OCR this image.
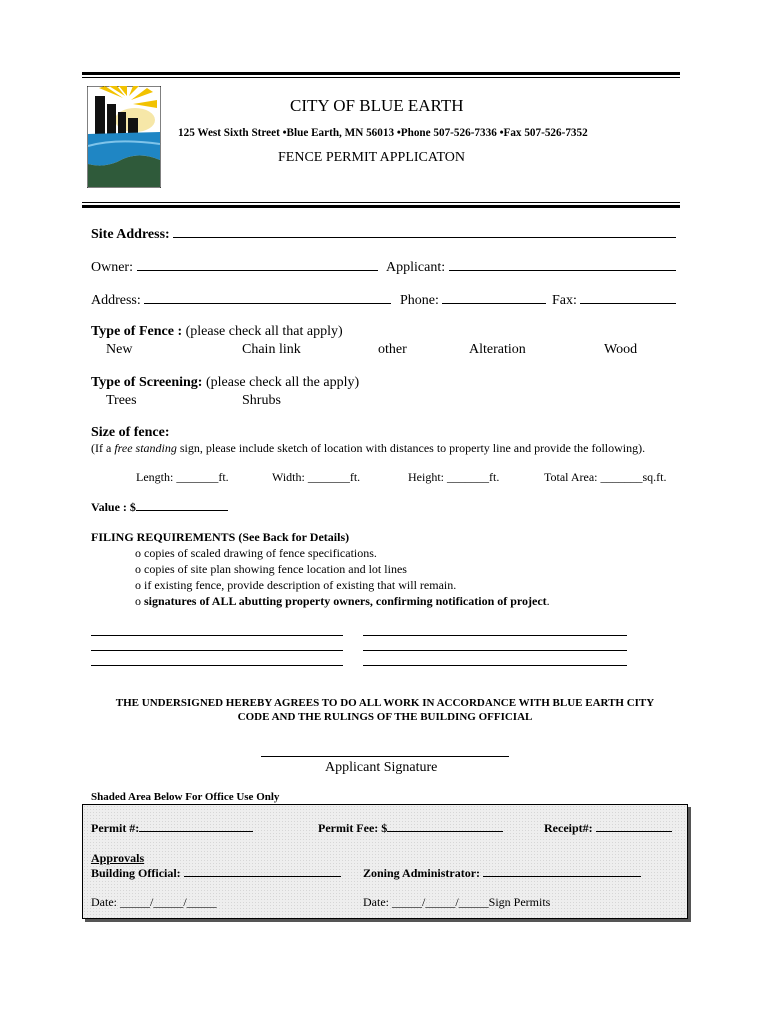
CITY OF BLUE EARTH
125 West Sixth Street •Blue Earth, MN 56013 •Phone 507-526-7336 •Fax 507-526-7352
FENCE PERMIT APPLICATON
Site Address:
Owner:	Applicant:
Address:	Phone:	Fax:
Type of Fence : (please check all that apply)
New	Chain link	other	Alteration	Wood
Type of Screening: (please check all the apply)
Trees	Shrubs
Size of fence:
(If a free standing sign, please include sketch of location with distances to property line and provide the following).
Length: _______ft.	Width: _______ft.	Height: _______ft.	Total Area: _______sq.ft.
Value : $
FILING REQUIREMENTS (See Back for Details)
o copies of scaled drawing of fence specifications.
o copies of site plan showing fence location and lot lines
o if existing fence, provide description of existing that will remain.
o signatures of ALL abutting property owners, confirming notification of project.
THE UNDERSIGNED HEREBY AGREES TO DO ALL WORK IN ACCORDANCE WITH BLUE EARTH CITY
CODE AND THE RULINGS OF THE BUILDING OFFICIAL
Applicant Signature
Shaded Area Below For Office Use Only
Permit #:	Permit Fee: $	Receipt#:
Approvals
Building Official:	Zoning Administrator:
Date: _____/_____/_____	Date: _____/_____/_____Sign Permits
